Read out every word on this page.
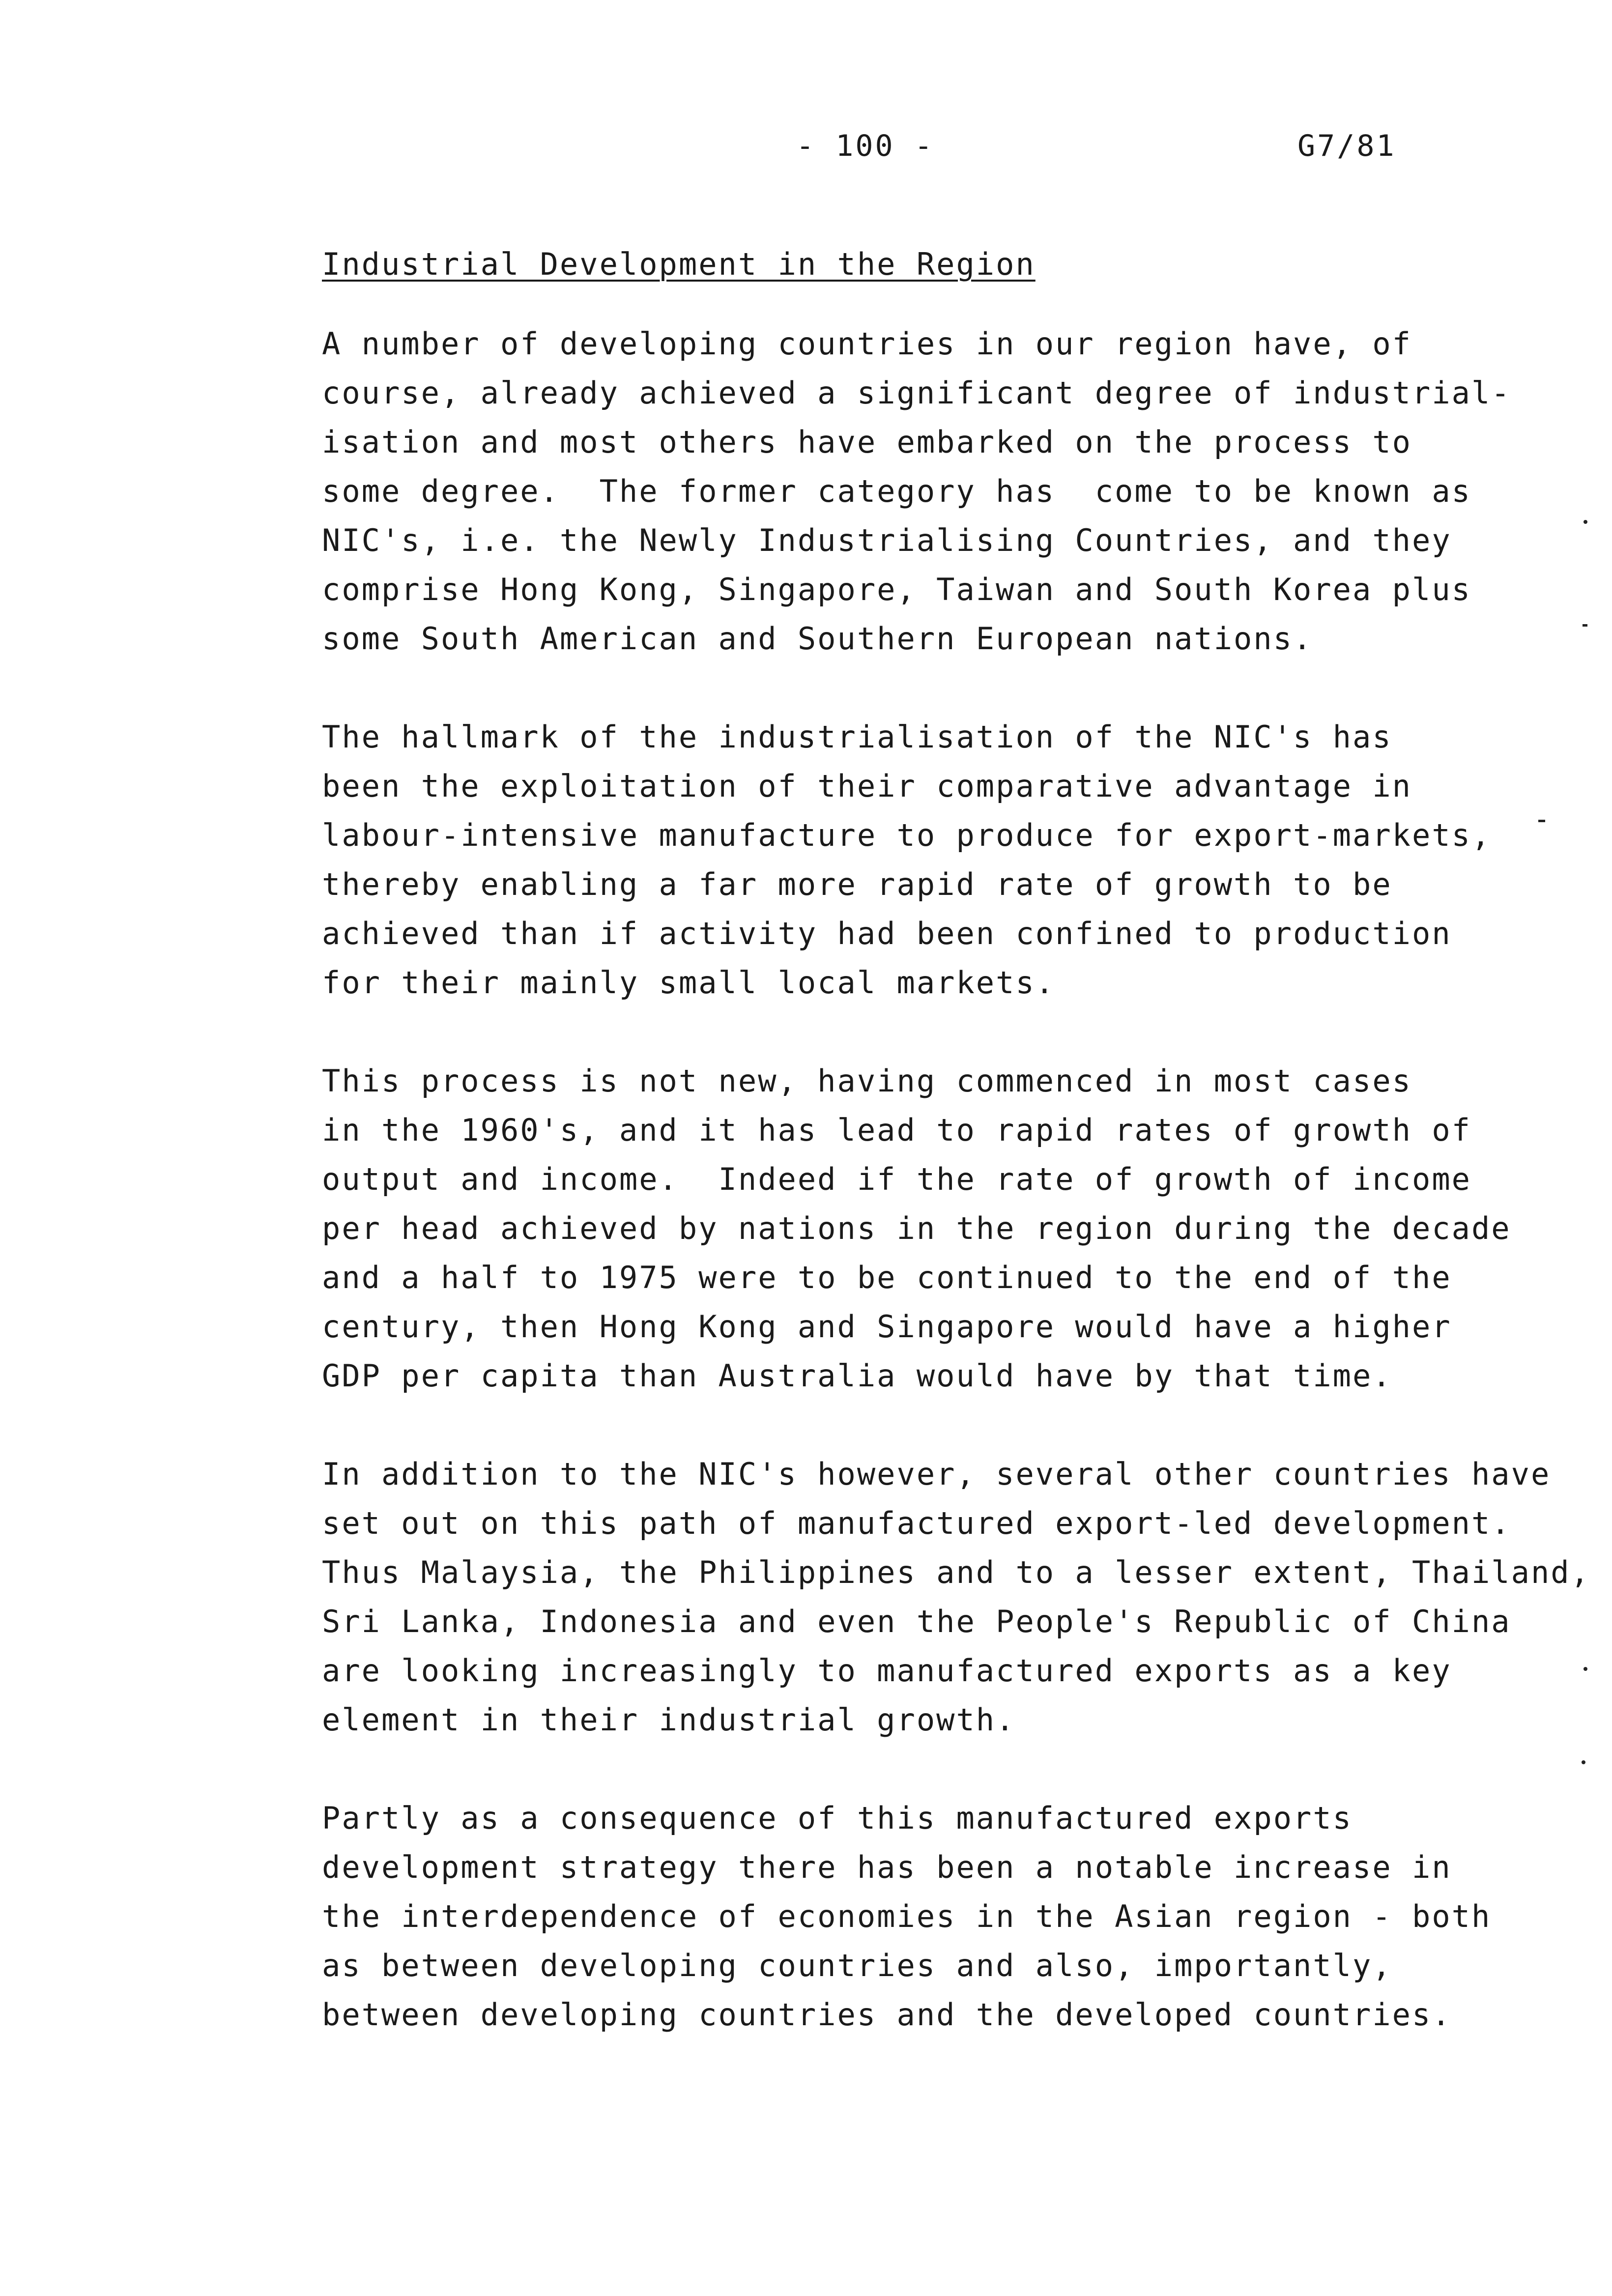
- 100 -	G7/81
Industrial Development in the Region
A number of developing countries in our region have, of
course, already achieved a significant degree of industrial-
isation and most others have embarked on the process to
some degree.  The former category has  come to be known as
NIC's, i.e. the Newly Industrialising Countries, and they
comprise Hong Kong, Singapore, Taiwan and South Korea plus
some South American and Southern European nations.
The hallmark of the industrialisation of the NIC's has
been the exploitation of their comparative advantage in
labour-intensive manufacture to produce for export-markets,
thereby enabling a far more rapid rate of growth to be
achieved than if activity had been confined to production
for their mainly small local markets.
This process is not new, having commenced in most cases
in the 1960's, and it has lead to rapid rates of growth of
output and income.  Indeed if the rate of growth of income
per head achieved by nations in the region during the decade
and a half to 1975 were to be continued to the end of the
century, then Hong Kong and Singapore would have a higher
GDP per capita than Australia would have by that time.
In addition to the NIC's however, several other countries have
set out on this path of manufactured export-led development.
Thus Malaysia, the Philippines and to a lesser extent, Thailand,
Sri Lanka, Indonesia and even the People's Republic of China
are looking increasingly to manufactured exports as a key
element in their industrial growth.
Partly as a consequence of this manufactured exports
development strategy there has been a notable increase in
the interdependence of economies in the Asian region - both
as between developing countries and also, importantly,
between developing countries and the developed countries.
